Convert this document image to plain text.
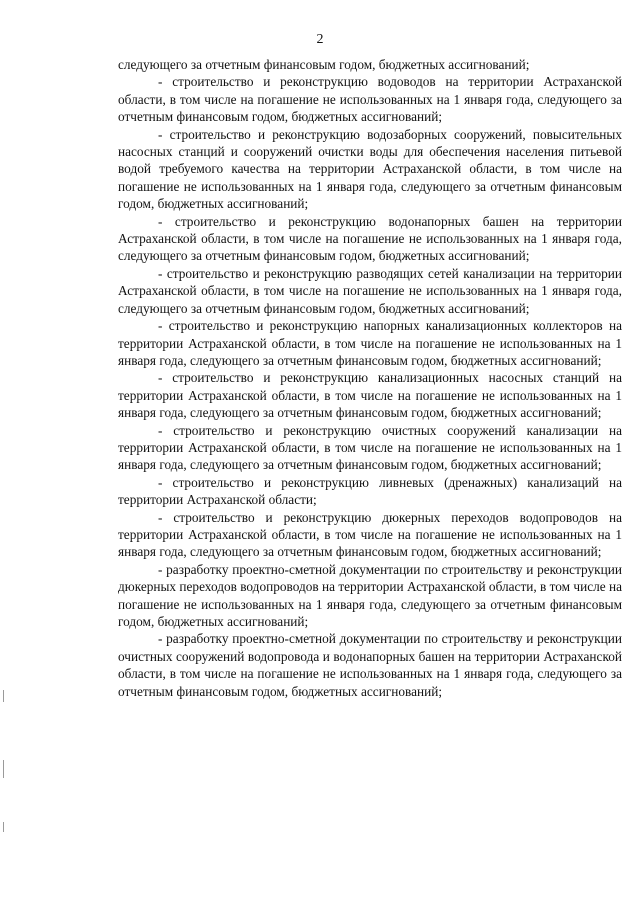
2

следующего за отчетным финансовым годом, бюджетных ассигнований;

- строительство и реконструкцию водоводов на территории Астраханской области, в том числе на погашение не использованных на 1 января года, следующего за отчетным финансовым годом, бюджетных ассигнований;

- строительство и реконструкцию водозаборных сооружений, повысительных насосных станций и сооружений очистки воды для обеспечения населения питьевой водой требуемого качества на территории Астраханской области, в том числе на погашение не использованных на 1 января года, следующего за отчетным финансовым годом, бюджетных ассигнований;

- строительство и реконструкцию водонапорных башен на территории Астраханской области, в том числе на погашение не использованных на 1 января года, следующего за отчетным финансовым годом, бюджетных ассигнований;

- строительство и реконструкцию разводящих сетей канализации на территории Астраханской области, в том числе на погашение не использованных на 1 января года, следующего за отчетным финансовым годом, бюджетных ассигнований;

- строительство и реконструкцию напорных канализационных коллекторов на территории Астраханской области, в том числе на погашение не использованных на 1 января года, следующего за отчетным финансовым годом, бюджетных ассигнований;

- строительство и реконструкцию канализационных насосных станций на территории Астраханской области, в том числе на погашение не использованных на 1 января года, следующего за отчетным финансовым годом, бюджетных ассигнований;

- строительство и реконструкцию очистных сооружений канализации на территории Астраханской области, в том числе на погашение не использованных на 1 января года, следующего за отчетным финансовым годом, бюджетных ассигнований;

- строительство и реконструкцию ливневых (дренажных) канализаций на территории Астраханской области;

- строительство и реконструкцию дюкерных переходов водопроводов на территории Астраханской области, в том числе на погашение не использованных на 1 января года, следующего за отчетным финансовым годом, бюджетных ассигнований;

- разработку проектно-сметной документации по строительству и реконструкции дюкерных переходов водопроводов на территории Астраханской области, в том числе на погашение не использованных на 1 января года, следующего за отчетным финансовым годом, бюджетных ассигнований;

- разработку проектно-сметной документации по строительству и реконструкции очистных сооружений водопровода и водонапорных башен на территории Астраханской области, в том числе на погашение не использованных на 1 января года, следующего за отчетным финансовым годом, бюджетных ассигнований;
